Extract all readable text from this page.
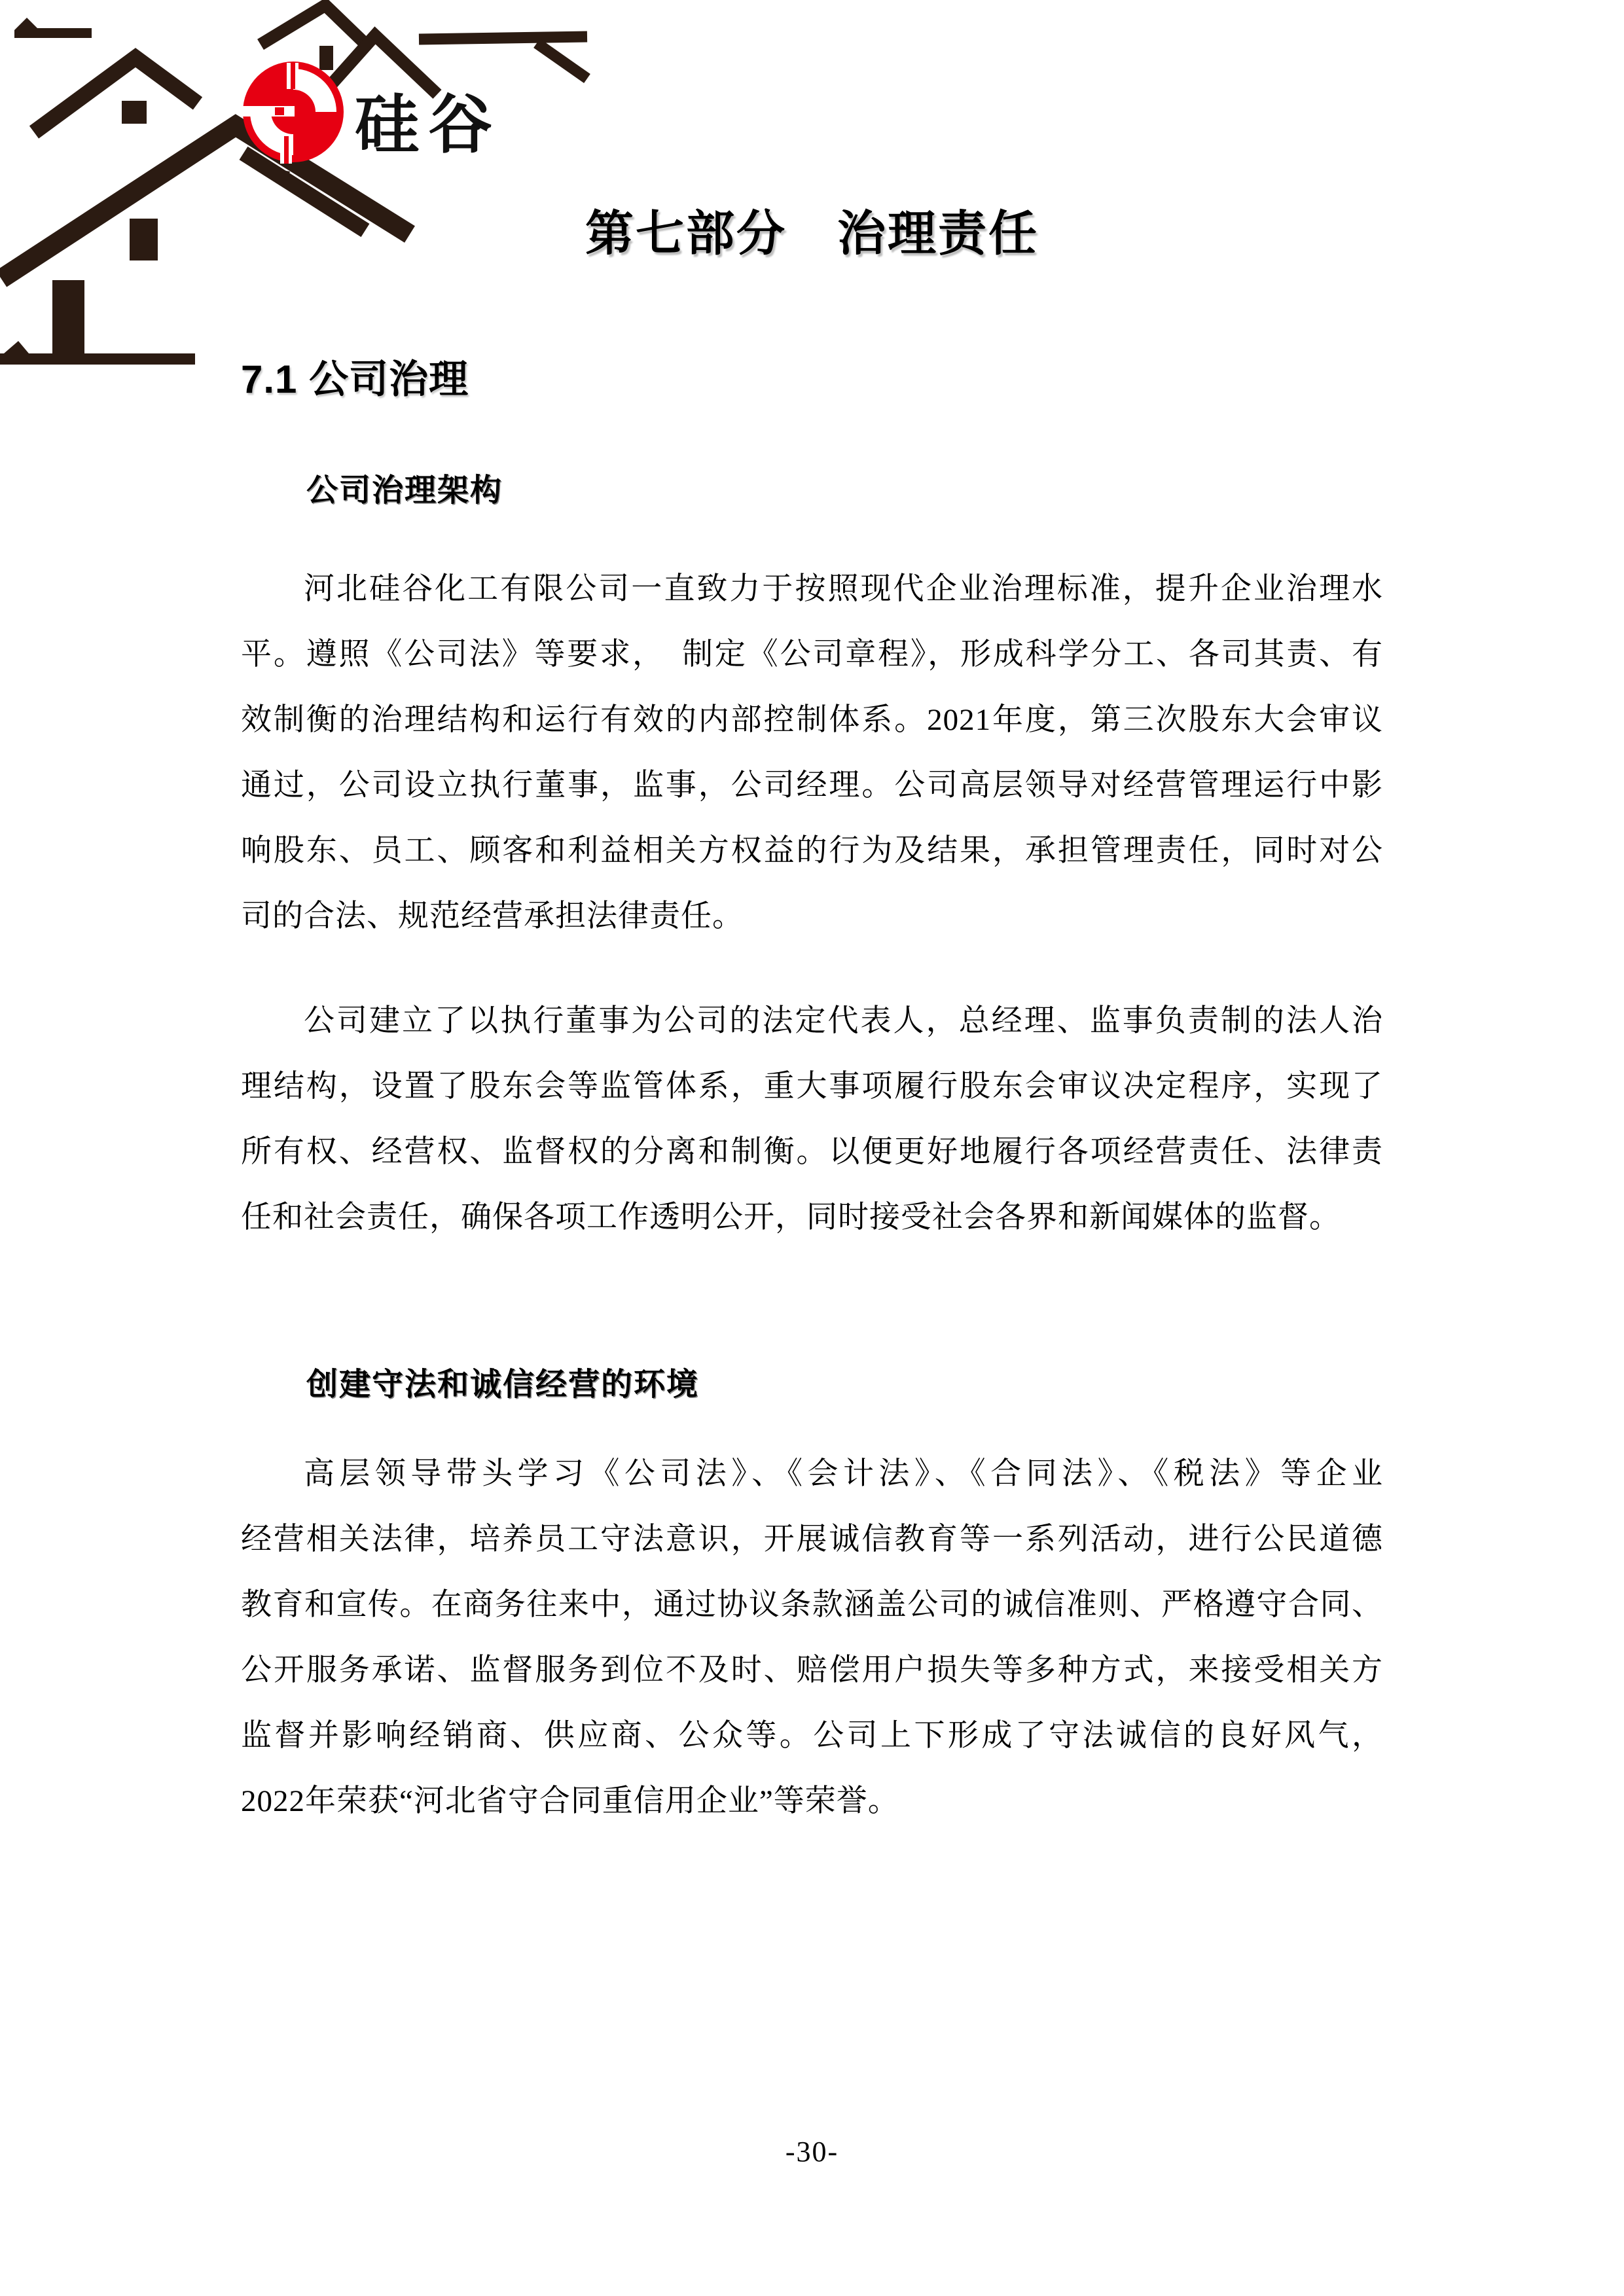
硅谷
第七部分　治理责任
7.1 公司治理
公司治理架构
河北硅谷化工有限公司一直致力于按照现代企业治理标准，提升企业治理水
平。遵照《公司法》等要求，　制定《公司章程》，形成科学分工、各司其责、有
效制衡的治理结构和运行有效的内部控制体系。2021年度，第三次股东大会审议
通过，公司设立执行董事，监事，公司经理。公司高层领导对经营管理运行中影
响股东、员工、顾客和利益相关方权益的行为及结果，承担管理责任，同时对公
司的合法、规范经营承担法律责任。
公司建立了以执行董事为公司的法定代表人，总经理、监事负责制的法人治
理结构，设置了股东会等监管体系，重大事项履行股东会审议决定程序，实现了
所有权、经营权、监督权的分离和制衡。以便更好地履行各项经营责任、法律责
任和社会责任，确保各项工作透明公开，同时接受社会各界和新闻媒体的监督。
创建守法和诚信经营的环境
高层领导带头学习《公司法》、《会计法》、《合同法》、《税法》等企业
经营相关法律，培养员工守法意识，开展诚信教育等一系列活动，进行公民道德
教育和宣传。在商务往来中，通过协议条款涵盖公司的诚信准则、严格遵守合同、
公开服务承诺、监督服务到位不及时、赔偿用户损失等多种方式，来接受相关方
监督并影响经销商、供应商、公众等。公司上下形成了守法诚信的良好风气，
2022年荣获“河北省守合同重信用企业”等荣誉。
-30-
